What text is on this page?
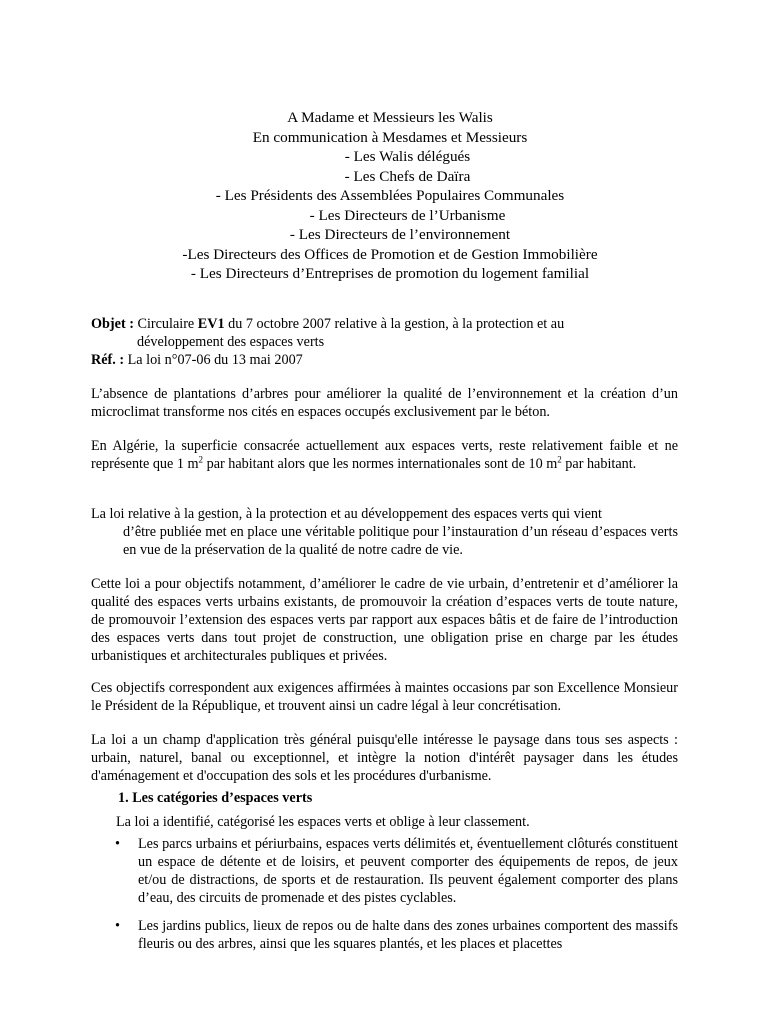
A Madame et Messieurs les Walis
En communication à Mesdames et Messieurs
- Les Walis délégués
- Les Chefs de Daïra
- Les Présidents des Assemblées Populaires Communales
- Les Directeurs de l’Urbanisme
- Les Directeurs de l’environnement
-Les Directeurs des Offices de Promotion et de Gestion Immobilière
- Les Directeurs d’Entreprises de promotion du logement familial
Objet : Circulaire EV1 du 7 octobre 2007 relative à la gestion, à la protection et au
développement des espaces verts
Réf. : La loi n°07-06 du 13 mai 2007
L’absence de plantations d’arbres pour améliorer la qualité de l’environnement et la création d’un microclimat transforme nos cités en espaces occupés exclusivement par le béton.
En Algérie, la superficie consacrée actuellement aux espaces verts, reste relativement faible et ne représente que 1 $m^2$ par habitant alors que les normes internationales sont de 10 $m^2$ par habitant.
La loi relative à la gestion, à la protection et au développement des espaces verts qui vient
d’être publiée met en place une véritable politique pour l’instauration d’un réseau d’espaces verts en vue de la préservation de la qualité de notre cadre de vie.
Cette loi a pour objectifs notamment, d’améliorer le cadre de vie urbain, d’entretenir et d’améliorer la qualité des espaces verts urbains existants, de promouvoir la création d’espaces verts de toute nature, de promouvoir l’extension des espaces verts par rapport aux espaces bâtis et de faire de l’introduction des espaces verts dans tout projet de construction, une obligation prise en charge par les études urbanistiques et architecturales publiques et privées.
Ces objectifs correspondent aux exigences affirmées à maintes occasions par son Excellence Monsieur le Président de la République, et trouvent ainsi un cadre légal à leur concrétisation.
La loi a un champ d'application très général puisqu'elle intéresse le paysage dans tous ses aspects : urbain, naturel, banal ou exceptionnel, et intègre la notion d'intérêt paysager dans les études d'aménagement et d'occupation des sols et les procédures d'urbanisme.
1. Les catégories d’espaces verts
La loi a identifié, catégorisé les espaces verts et oblige à leur classement.
• Les parcs urbains et périurbains, espaces verts délimités et, éventuellement clôturés constituent un espace de détente et de loisirs, et peuvent comporter des équipements de repos, de jeux et/ou de distractions, de sports et de restauration. Ils peuvent également comporter des plans d’eau, des circuits de promenade et des pistes cyclables.
• Les jardins publics, lieux de repos ou de halte dans des zones urbaines comportent des massifs fleuris ou des arbres, ainsi que les squares plantés, et les places et placettes
